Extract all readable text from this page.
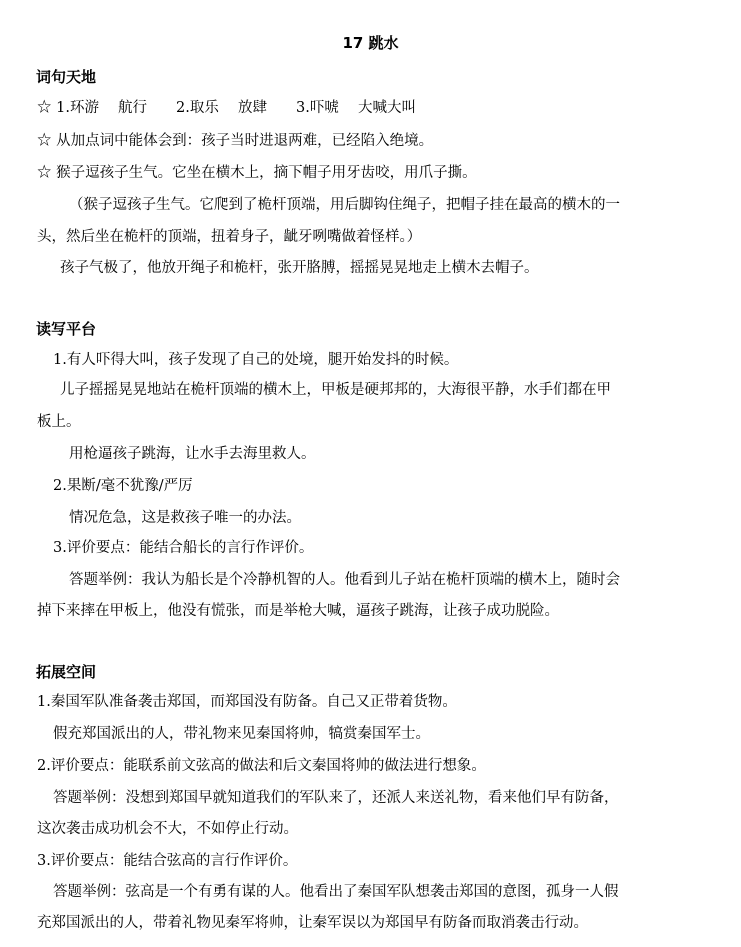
17 跳水
词句天地
☆ 1.环游　 航行　　2.取乐　 放肆　　3.吓唬　 大喊大叫
☆ 从加点词中能体会到：孩子当时进退两难，已经陷入绝境。
☆ 猴子逗孩子生气。它坐在横木上，摘下帽子用牙齿咬，用爪子撕。
（猴子逗孩子生气。它爬到了桅杆顶端，用后脚钩住绳子，把帽子挂在最高的横木的一
头，然后坐在桅杆的顶端，扭着身子，龇牙咧嘴做着怪样。）
孩子气极了，他放开绳子和桅杆，张开胳膊，摇摇晃晃地走上横木去帽子。
读写平台
1.有人吓得大叫，孩子发现了自己的处境，腿开始发抖的时候。
儿子摇摇晃晃地站在桅杆顶端的横木上，甲板是硬邦邦的，大海很平静，水手们都在甲
板上。
用枪逼孩子跳海，让水手去海里救人。
2.果断/毫不犹豫/严厉
情况危急，这是救孩子唯一的办法。
3.评价要点：能结合船长的言行作评价。
答题举例：我认为船长是个冷静机智的人。他看到儿子站在桅杆顶端的横木上，随时会
掉下来摔在甲板上，他没有慌张，而是举枪大喊，逼孩子跳海，让孩子成功脱险。
拓展空间
1.秦国军队准备袭击郑国，而郑国没有防备。自己又正带着货物。
假充郑国派出的人，带礼物来见秦国将帅，犒赏秦国军士。
2.评价要点：能联系前文弦高的做法和后文秦国将帅的做法进行想象。
答题举例：没想到郑国早就知道我们的军队来了，还派人来送礼物，看来他们早有防备，
这次袭击成功机会不大，不如停止行动。
3.评价要点：能结合弦高的言行作评价。
答题举例：弦高是一个有勇有谋的人。他看出了秦国军队想袭击郑国的意图，孤身一人假
充郑国派出的人，带着礼物见秦军将帅，让秦军误以为郑国早有防备而取消袭击行动。
